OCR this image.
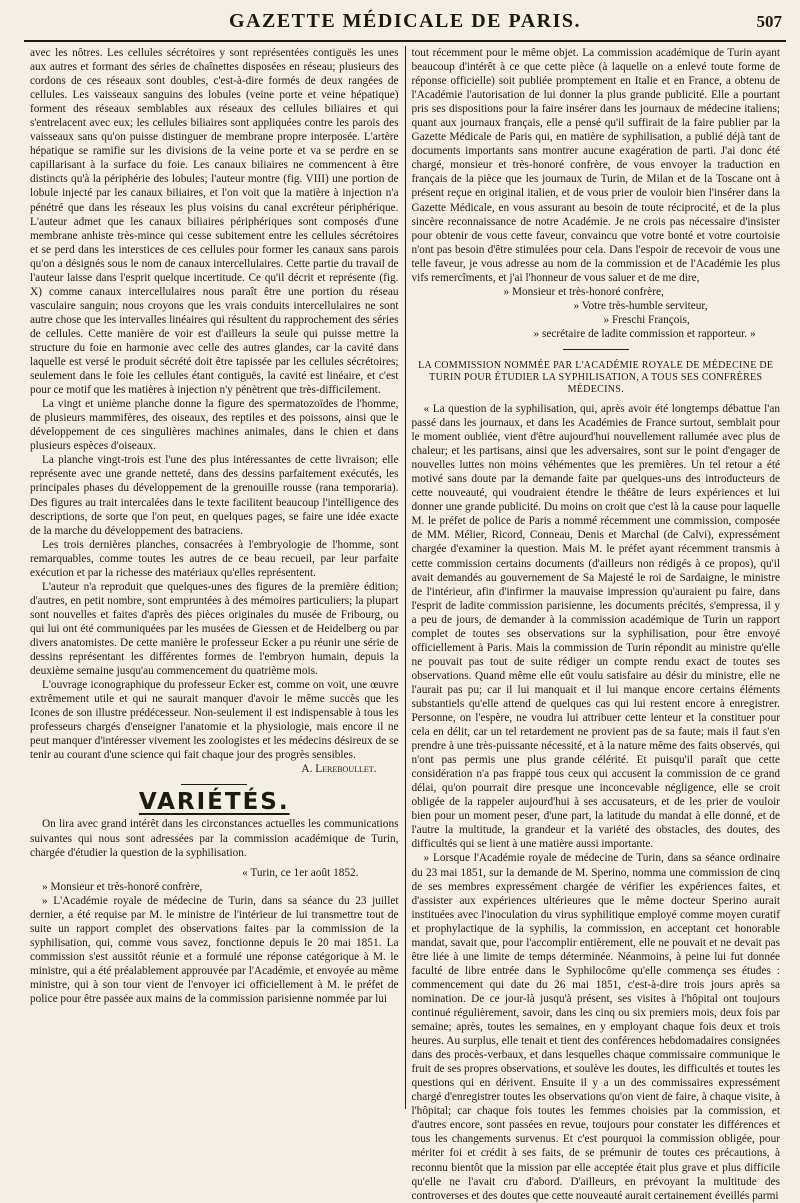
GAZETTE MÉDICALE DE PARIS.	507

avec les nôtres. Les cellules sécrétoires y sont représentées contiguës les unes aux autres et formant des séries de chaînettes disposées en réseau; plusieurs des cordons de ces réseaux sont doubles, c'est-à-dire formés de deux rangées de cellules. Les vaisseaux sanguins des lobules (veine porte et veine hépatique) forment des réseaux semblables aux réseaux des cellules biliaires et qui s'entrelacent avec eux; les cellules biliaires sont appliquées contre les parois des vaisseaux sans qu'on puisse distinguer de membrane propre interposée. L'artère hépatique se ramifie sur les divisions de la veine porte et va se perdre en se capillarisant à la surface du foie. Les canaux biliaires ne commencent à être distincts qu'à la périphérie des lobules; l'auteur montre (fig. VIII) une portion de lobule injecté par les canaux biliaires, et l'on voit que la matière à injection n'a pénétré que dans les réseaux les plus voisins du canal excréteur périphérique. L'auteur admet que les canaux biliaires périphériques sont composés d'une membrane anhiste très-mince qui cesse subitement entre les cellules sécrétoires et se perd dans les interstices de ces cellules pour former les canaux sans parois qu'on a désignés sous le nom de canaux intercellulaires. Cette partie du travail de l'auteur laisse dans l'esprit quelque incertitude. Ce qu'il décrit et représente (fig. X) comme canaux intercellulaires nous paraît être une portion du réseau vasculaire sanguin; nous croyons que les vrais conduits intercellulaires ne sont autre chose que les intervalles linéaires qui résultent du rapprochement des séries de cellules. Cette manière de voir est d'ailleurs la seule qui puisse mettre la structure du foie en harmonie avec celle des autres glandes, car la cavité dans laquelle est versé le produit sécrété doit être tapissée par les cellules sécrétoires; seulement dans le foie les cellules étant contiguës, la cavité est linéaire, et c'est pour ce motif que les matières à injection n'y pénètrent que très-difficilement.

La vingt et unième planche donne la figure des spermatozoïdes de l'homme, de plusieurs mammifères, des oiseaux, des reptiles et des poissons, ainsi que le développement de ces singulières machines animales, dans le chien et dans plusieurs espèces d'oiseaux.

La planche vingt-trois est l'une des plus intéressantes de cette livraison; elle représente avec une grande netteté, dans des dessins parfaitement exécutés, les principales phases du développement de la grenouille rousse (rana temporaria). Des figures au trait intercalées dans le texte facilitent beaucoup l'intelligence des descriptions, de sorte que l'on peut, en quelques pages, se faire une idée exacte de la marche du développement des batraciens.

Les trois dernières planches, consacrées à l'embryologie de l'homme, sont remarquables, comme toutes les autres de ce beau recueil, par leur parfaite exécution et par la richesse des matériaux qu'elles représentent.

L'auteur n'a reproduit que quelques-unes des figures de la première édition; d'autres, en petit nombre, sont empruntées à des mémoires particuliers; la plupart sont nouvelles et faites d'après des pièces originales du musée de Fribourg, ou qui lui ont été communiquées par les musées de Giessen et de Heidelberg ou par divers anatomistes. De cette manière le professeur Ecker a pu réunir une série de dessins représentant les différentes formes de l'embryon humain, depuis la deuxième semaine jusqu'au commencement du quatrième mois.

L'ouvrage iconographique du professeur Ecker est, comme on voit, une œuvre extrêmement utile et qui ne saurait manquer d'avoir le même succès que les Icones de son illustre prédécesseur. Non-seulement il est indispensable à tous les professeurs chargés d'enseigner l'anatomie et la physiologie, mais encore il ne peut manquer d'intéresser vivement les zoologistes et les médecins désireux de se tenir au courant d'une science qui fait chaque jour des progrès sensibles.

A. Lereboullet.
VARIÉTÉS.

On lira avec grand intérêt dans les circonstances actuelles les communications suivantes qui nous sont adressées par la commission académique de Turin, chargée d'étudier la question de la syphilisation.

« Turin, ce 1er août 1852.

» Monsieur et très-honoré confrère,

» L'Académie royale de médecine de Turin, dans sa séance du 23 juillet dernier, a été requise par M. le ministre de l'intérieur de lui transmettre tout de suite un rapport complet des observations faites par la commission de la syphilisation, qui, comme vous savez, fonctionne depuis le 20 mai 1851. La commission s'est aussitôt réunie et a formulé une réponse catégorique à M. le ministre, qui a été préalablement approuvée par l'Académie, et envoyée au même ministre, qui à son tour vient de l'envoyer ici officiellement à M. le préfet de police pour être passée aux mains de la commission parisienne nommée par lui

tout récemment pour le même objet. La commission académique de Turin ayant beaucoup d'intérêt à ce que cette pièce (à laquelle on a enlevé toute forme de réponse officielle) soit publiée promptement en Italie et en France, a obtenu de l'Académie l'autorisation de lui donner la plus grande publicité. Elle a pourtant pris ses dispositions pour la faire insérer dans les journaux de médecine italiens; quant aux journaux français, elle a pensé qu'il suffirait de la faire publier par la Gazette Médicale de Paris qui, en matière de syphilisation, a publié déjà tant de documents importants sans montrer aucune exagération de parti. J'ai donc été chargé, monsieur et très-honoré confrère, de vous envoyer la traduction en français de la pièce que les journaux de Turin, de Milan et de la Toscane ont à présent reçue en original italien, et de vous prier de vouloir bien l'insérer dans la Gazette Médicale, en vous assurant au besoin de toute réciprocité, et de la plus sincère reconnaissance de notre Académie. Je ne crois pas nécessaire d'insister pour obtenir de vous cette faveur, convaincu que votre bonté et votre courtoisie n'ont pas besoin d'être stimulées pour cela. Dans l'espoir de recevoir de vous une telle faveur, je vous adresse au nom de la commission et de l'Académie les plus vifs remercîments, et j'ai l'honneur de vous saluer et de me dire,

» Monsieur et très-honoré confrère,

» Votre très-humble serviteur,

» Freschi François,

» secrétaire de ladite commission et rapporteur. »

LA COMMISSION NOMMÉE PAR L'ACADÉMIE ROYALE DE MÉDECINE DE TURIN POUR ÉTUDIER LA SYPHILISATION, A TOUS SES CONFRÈRES MÉDECINS.

« La question de la syphilisation, qui, après avoir été longtemps débattue l'an passé dans les journaux, et dans les Académies de France surtout, semblait pour le moment oubliée, vient d'être aujourd'hui nouvellement rallumée avec plus de chaleur; et les partisans, ainsi que les adversaires, sont sur le point d'engager de nouvelles luttes non moins véhémentes que les premières. Un tel retour a été motivé sans doute par la demande faite par quelques-uns des introducteurs de cette nouveauté, qui voudraient étendre le théâtre de leurs expériences et lui donner une grande publicité. Du moins on croit que c'est là la cause pour laquelle M. le préfet de police de Paris a nommé récemment une commission, composée de MM. Mélier, Ricord, Conneau, Denis et Marchal (de Calvi), expressément chargée d'examiner la question. Mais M. le préfet ayant récemment transmis à cette commission certains documents (d'ailleurs non rédigés à ce propos), qu'il avait demandés au gouvernement de Sa Majesté le roi de Sardaigne, le ministre de l'intérieur, afin d'infirmer la mauvaise impression qu'auraient pu faire, dans l'esprit de ladite commission parisienne, les documents précités, s'empressa, il y a peu de jours, de demander à la commission académique de Turin un rapport complet de toutes ses observations sur la syphilisation, pour être envoyé officiellement à Paris. Mais la commission de Turin répondit au ministre qu'elle ne pouvait pas tout de suite rédiger un compte rendu exact de toutes ses observations. Quand même elle eût voulu satisfaire au désir du ministre, elle ne l'aurait pas pu; car il lui manquait et il lui manque encore certains éléments substantiels qu'elle attend de quelques cas qui lui restent encore à enregistrer. Personne, on l'espère, ne voudra lui attribuer cette lenteur et la constituer pour cela en délit, car un tel retardement ne provient pas de sa faute; mais il faut s'en prendre à une très-puissante nécessité, et à la nature même des faits observés, qui n'ont pas permis une plus grande célérité. Et puisqu'il paraît que cette considération n'a pas frappé tous ceux qui accusent la commission de ce grand délai, qu'on pourrait dire presque une inconcevable négligence, elle se croit obligée de la rappeler aujourd'hui à ses accusateurs, et de les prier de vouloir bien pour un moment peser, d'une part, la latitude du mandat à elle donné, et de l'autre la multitude, la grandeur et la variété des obstacles, des doutes, des difficultés qui se lient à une matière aussi importante.

» Lorsque l'Académie royale de médecine de Turin, dans sa séance ordinaire du 23 mai 1851, sur la demande de M. Sperino, nomma une commission de cinq de ses membres expressément chargée de vérifier les expériences faites, et d'assister aux expériences ultérieures que le même docteur Sperino aurait instituées avec l'inoculation du virus syphilitique employé comme moyen curatif et prophylactique de la syphilis, la commission, en acceptant cet honorable mandat, savait que, pour l'accomplir entièrement, elle ne pouvait et ne devait pas être liée à une limite de temps déterminée. Néanmoins, à peine lui fut donnée faculté de libre entrée dans le Syphilocôme qu'elle commença ses études : commencement qui date du 26 mai 1851, c'est-à-dire trois jours après sa nomination. De ce jour-là jusqu'à présent, ses visites à l'hôpital ont toujours continué régulièrement, savoir, dans les cinq ou six premiers mois, deux fois par semaine; après, toutes les semaines, en y employant chaque fois deux et trois heures. Au surplus, elle tenait et tient des conférences hebdomadaires consignées dans des procès-verbaux, et dans lesquelles chaque commissaire communique le fruit de ses propres observations, et soulève les doutes, les difficultés et toutes les questions qui en dérivent. Ensuite il y a un des commissaires expressément chargé d'enregistrer toutes les observations qu'on vient de faire, à chaque visite, à l'hôpital; car chaque fois toutes les femmes choisies par la commission, et d'autres encore, sont passées en revue, toujours pour constater les différences et tous les changements survenus. Et c'est pourquoi la commission obligée, pour mériter foi et crédit à ses faits, de se prémunir de toutes ces précautions, à reconnu bientôt que la mission par elle acceptée était plus grave et plus difficile qu'elle ne l'avait cru d'abord. D'ailleurs, en prévoyant la multitude des controverses et des doutes que cette nouveauté aurait certainement éveillés parmi
